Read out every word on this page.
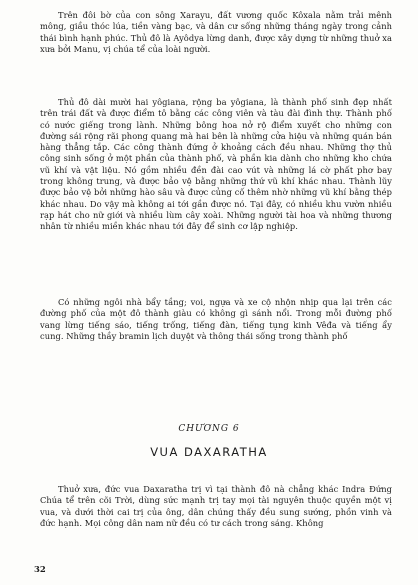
Trên đôi bờ của con sông Xarayu, đất vương quốc Kôxala nằm trải mênh mông, giầu thóc lúa, tiền vàng bạc, và dân cư sống những tháng ngày trong cảnh thái bình hạnh phúc. Thủ đô là Ayôdya lừng danh, được xây dựng từ những thuở xa xưa bởi Manu, vị chúa tể của loài người.

Thủ đô dài mười hai yôgiana, rộng ba yôgiana, là thành phố sinh đẹp nhất trên trái đất và được điểm tô bằng các công viên và tàu đài đình thự. Thành phố có nước giếng trong lành. Những bông hoa nở rộ điểm xuyết cho những con đường sái rộng rãi phong quang mà hai bên là những cửa hiệu và những quán bán hàng thẳng tắp. Các công thành đứng ở khoảng cách đều nhau. Những thợ thủ công sinh sống ở một phần của thành phố, và phần kia dành cho những kho chứa vũ khí và vật liệu. Nó gồm nhiều đền đài cao vút và những lá cờ phất phơ bay trong không trung, và được bảo vệ bằng những thứ vũ khí khác nhau. Thành lũy được bảo vệ bởi những hào sâu và được củng cố thêm nhờ những vũ khí bằng thép khác nhau. Do vậy mà không ai tới gần được nó. Tại đây, có nhiều khu vườn nhiều rạp hát cho nữ giới và nhiều lùm cây xoài. Những người tài hoa và những thương nhân từ nhiều miền khác nhau tới đây để sinh cơ lập nghiệp.

Có những ngôi nhà bẩy tầng; voi, ngựa và xe cộ nhộn nhịp qua lại trên các đường phố của một đô thành giàu có không gì sánh nổi. Trong mỗi đường phố vang lừng tiếng sáo, tiếng trống, tiếng đàn, tiếng tụng kinh Vêđa và tiếng ẩy cung. Những thầy bramin lịch duyệt và thông thái sống trong thành phố

CHƯƠNG 6
VUA DAXARATHA

Thuở xưa, đức vua Daxaratha trị vì tại thành đô nà chẳng khác Indra Đứng Chúa tể trên cõi Trời, dùng sức mạnh trị tay mọi tài nguyên thuộc quyền một vị vua, và dưới thời cai trị của ông, dân chúng thấy đều sung sướng, phồn vinh và đức hạnh. Mọi công dân nam nữ đều có tư cách trong sáng. Không

32
